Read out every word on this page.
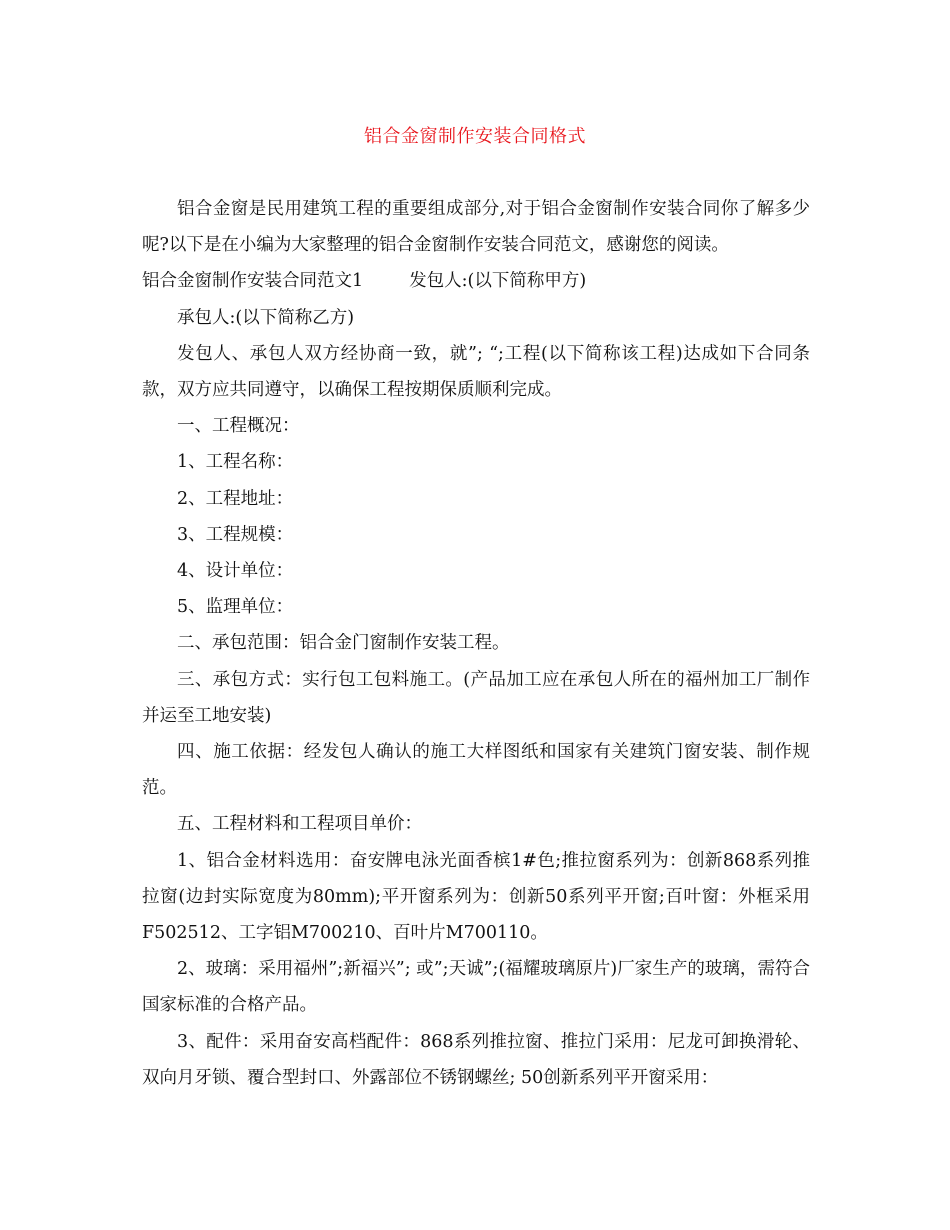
铝合金窗制作安装合同格式

铝合金窗是民用建筑工程的重要组成部分,对于铝合金窗制作安装合同你了解多少呢?以下是在小编为大家整理的铝合金窗制作安装合同范文，感谢您的阅读。

铝合金窗制作安装合同范文1	发包人:(以下简称甲方)

承包人:(以下简称乙方)

发包人、承包人双方经协商一致，就”; “;工程(以下简称该工程)达成如下合同条款，双方应共同遵守，以确保工程按期保质顺利完成。

一、工程概况：

1、工程名称：

2、工程地址：

3、工程规模：

4、设计单位：

5、监理单位：

二、承包范围：铝合金门窗制作安装工程。

三、承包方式：实行包工包料施工。(产品加工应在承包人所在的福州加工厂制作并运至工地安装)

四、施工依据：经发包人确认的施工大样图纸和国家有关建筑门窗安装、制作规范。

五、工程材料和工程项目单价：

1、铝合金材料选用：奋安牌电泳光面香槟1#色;推拉窗系列为：创新868系列推拉窗(边封实际宽度为80mm);平开窗系列为：创新50系列平开窗;百叶窗：外框采用F502512、工字铝M700210、百叶片M700110。

2、玻璃：采用福州”;新福兴”; 或”;天诚”;(福耀玻璃原片)厂家生产的玻璃，需符合国家标准的合格产品。

3、配件：采用奋安高档配件：868系列推拉窗、推拉门采用：尼龙可卸换滑轮、双向月牙锁、覆合型封口、外露部位不锈钢螺丝; 50创新系列平开窗采用：
